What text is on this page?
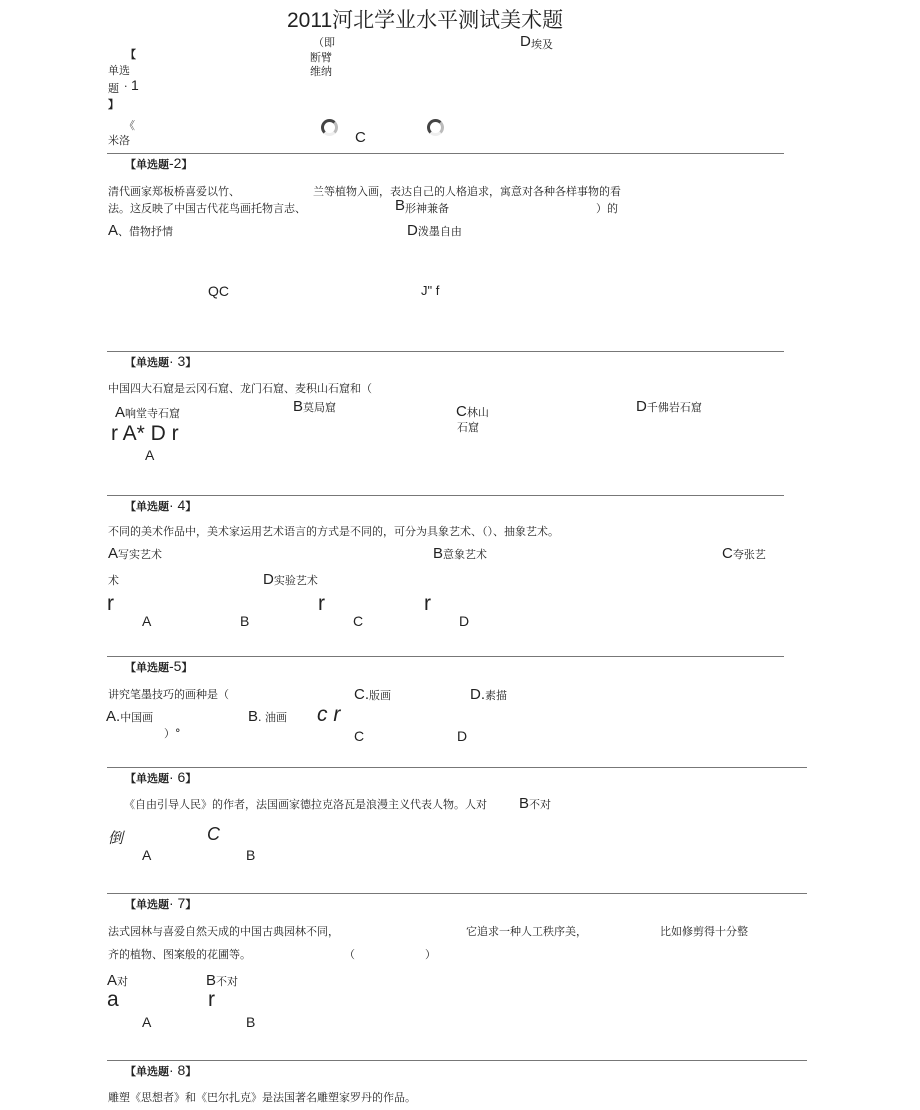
2011河北学业水平测试美术题
【
单选
题 · 1
】
《
米洛
（即
断臂
维纳
D 埃及
C
【单选题-2】
清代画家郑板桥喜爱以竹、	兰等植物入画，表达自己的人格追求，寓意对各种各样事物的看
法。这反映了中国古代花鸟画托物言志、	B 形神兼备	）的
A、借物抒情	D泼墨自由
QC	J" f
【单选题· 3】
中国四大石窟是云冈石窟、龙门石窟、麦积山石窟和（
A响堂寺石窟	B莫局窟	C林山
石窟
D千佛岩石窟
r A* D r
A
【单选题· 4】
不同的美术作品中，美术家运用艺术语言的方式是不同的，可分为具象艺术、（）、抽象艺术。
A写实艺术	B意象艺术	C夸张艺
术	D实验艺术
r	r	r
A	B	C	D
【单选题-5】
讲究笔墨技巧的画种是（	C.版画	D.素描
A.中国画	B. 油画
）°
c r
C	D
【单选题· 6】
《自由引导人民》的作者，法国画家德拉克洛瓦是浪漫主义代表人物。人对 B不对
倒	C
A	B
【单选题· 7】
法式园林与喜爱自然天成的中国古典园林不同，	它追求一种人工秩序美，	比如修剪得十分整
齐的植物、图案般的花圃等。	（	）
A对	B不对
a	r
A	B
【单选题· 8】
雕塑《思想者》和《巴尔扎克》是法国著名雕塑家罗丹的作品。
